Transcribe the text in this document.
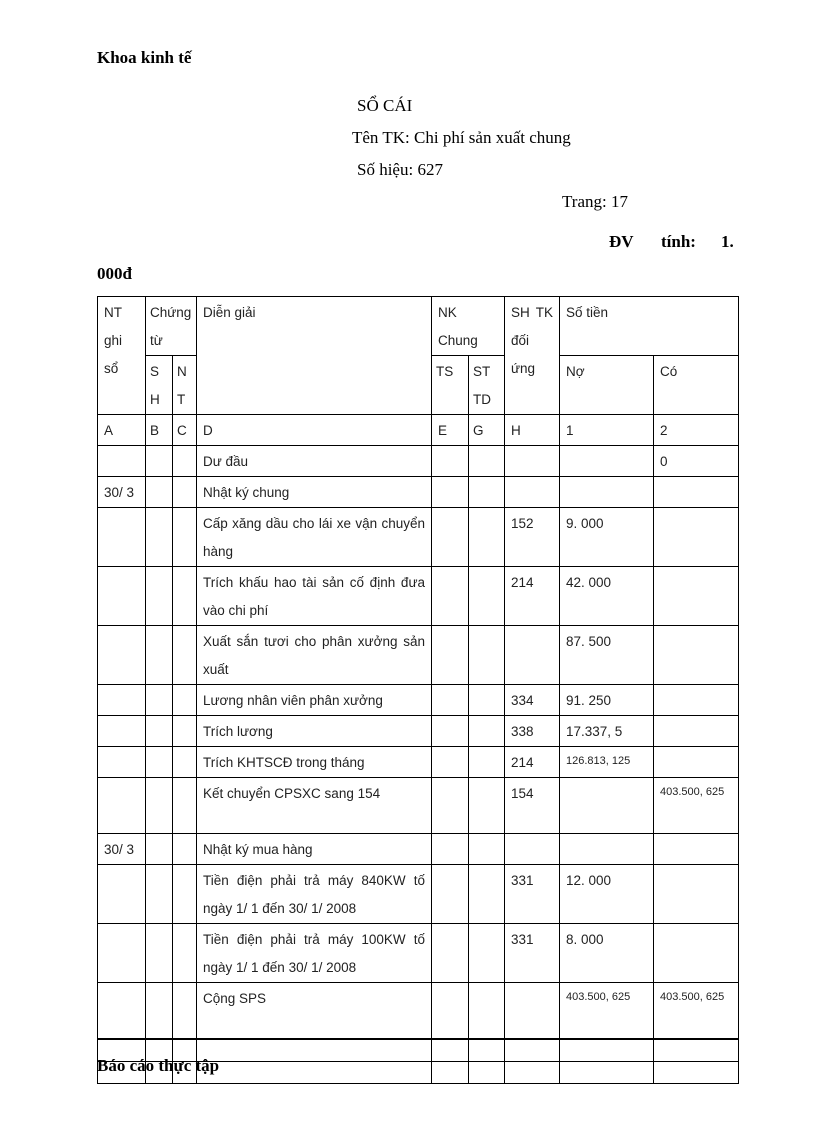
Khoa kinh tế
SỔ CÁI
Tên TK: Chi phí sản xuất chung
Số hiệu: 627
Trang: 17
ĐV tính: 1.
000đ
NT ghi sổ	Chứng từ		Diễn giải	NK Chung		SH TK đối ứng	Số tiền	
	S H	N T		TS	ST TD		Nợ	Có
A	B	C	D	E	G	H	1	2
			Dư đầu					0
30/ 3			Nhật ký chung					
			Cấp xăng dầu cho lái xe vận chuyển hàng			152	9. 000	
			Trích khấu hao tài sản cố định đưa vào chi phí			214	42. 000	
			Xuất sắn tươi cho phân xưởng sản xuất				87. 500	
			Lương nhân viên phân xưởng			334	91. 250	
			Trích lương			338	17.337, 5	
			Trích KHTSCĐ trong tháng			214	126.813, 125	
			Kết chuyển CPSXC sang 154			154		403.500, 625
30/ 3			Nhật ký mua hàng					
			Tiền điện phải trả máy 840KW tố ngày 1/ 1 đến 30/ 1/ 2008			331	12. 000	
			Tiền điện phải trả máy 100KW tố ngày 1/ 1 đến 30/ 1/ 2008			331	8. 000	
			Cộng SPS				403.500, 625	403.500, 625

Báo cáo thực tập
